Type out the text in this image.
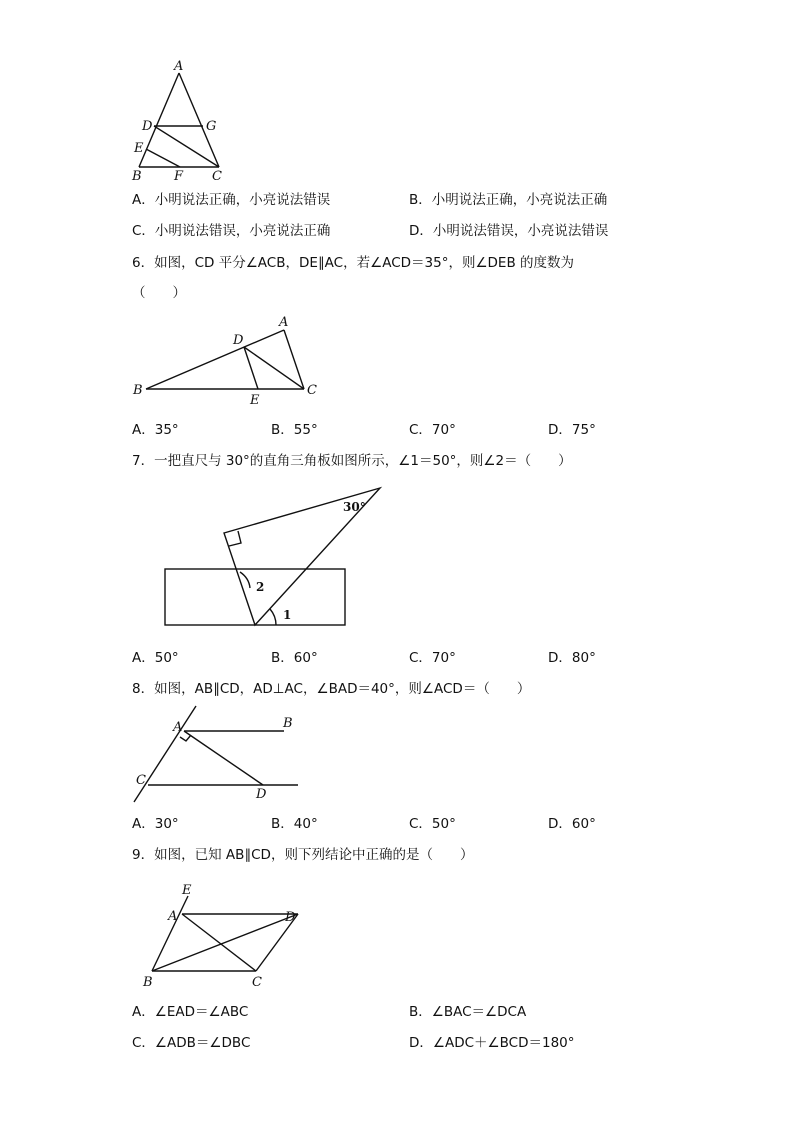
A
D	G
E
B F C
A．小明说法正确，小亮说法错误	B．小明说法正确，小亮说法正确
C．小明说法错误，小亮说法正确	D．小明说法错误，小亮说法错误
6．如图，CD 平分∠ACB，DE∥AC，若∠ACD＝35°，则∠DEB 的度数为
（　　）
A
D
B
E
C
A．35°	B．55°	C．70°	D．75°
7．一把直尺与 30°的直角三角板如图所示，∠1＝50°，则∠2＝（　　）
30°
2
1
A．50°	B．60°	C．70°	D．80°
8．如图，AB∥CD，AD⊥AC，∠BAD＝40°，则∠ACD＝（　　）
A	B
C
D
A．30°	B．40°	C．50°	D．60°
9．如图，已知 AB∥CD，则下列结论中正确的是（　　）
E
A	D
B	C
A．∠EAD＝∠ABC	B．∠BAC＝∠DCA
C．∠ADB＝∠DBC	D．∠ADC＋∠BCD＝180°
